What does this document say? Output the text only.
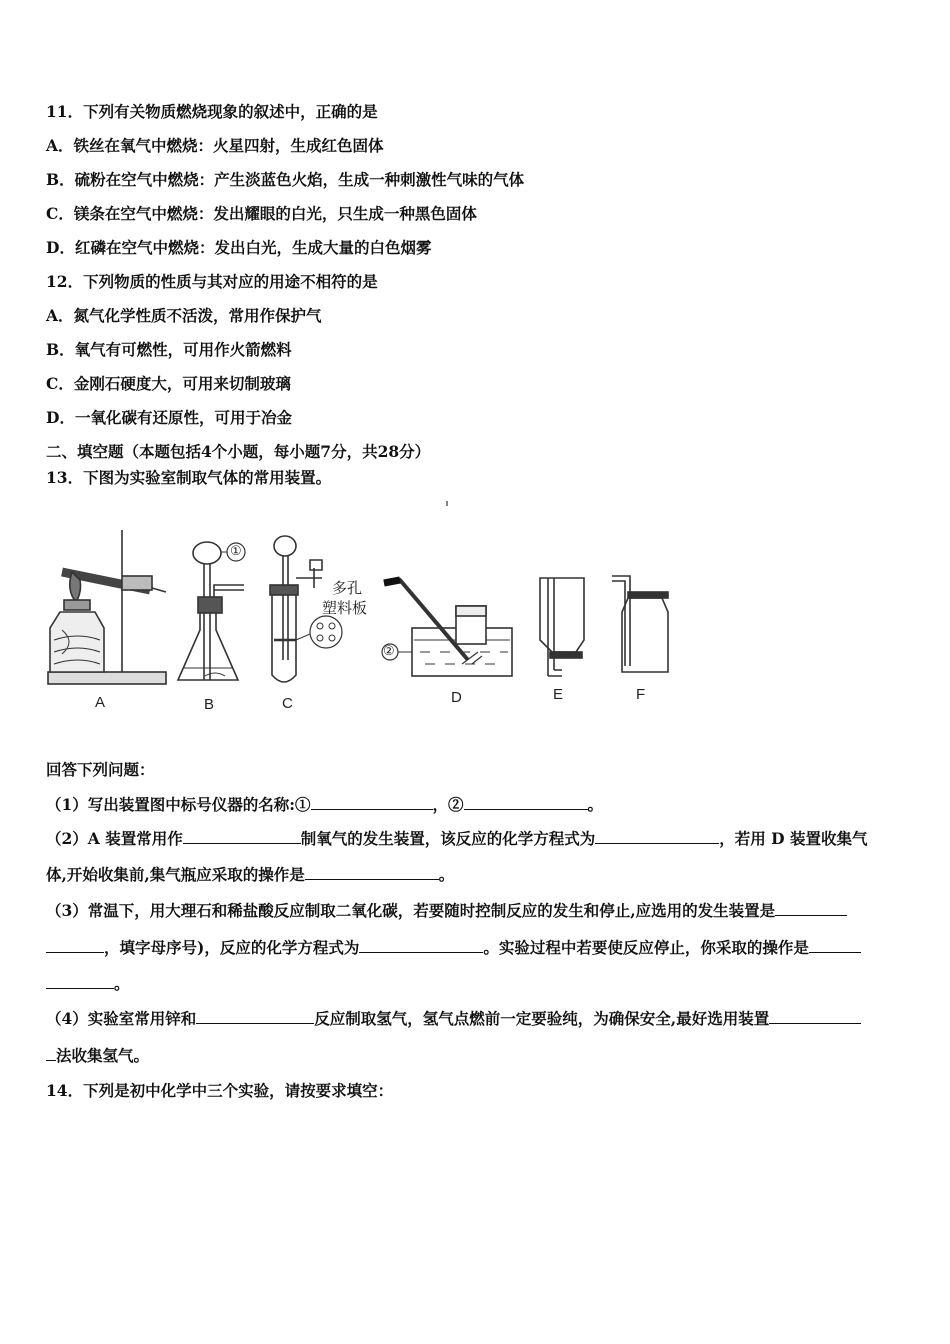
11．下列有关物质燃烧现象的叙述中，正确的是
A．铁丝在氧气中燃烧：火星四射，生成红色固体
B．硫粉在空气中燃烧：产生淡蓝色火焰，生成一种刺激性气味的气体
C．镁条在空气中燃烧：发出耀眼的白光，只生成一种黑色固体
D．红磷在空气中燃烧：发出白光，生成大量的白色烟雾
12．下列物质的性质与其对应的用途不相符的是
A．氮气化学性质不活泼，常用作保护气
B．氧气有可燃性，可用作火箭燃料
C．金刚石硬度大，可用来切制玻璃
D．一氧化碳有还原性，可用于冶金
二、填空题（本题包括4个小题，每小题7分，共28分）
13．下图为实验室制取气体的常用装置。
①
②
多孔
塑料板
A	B	C	D	E	F
回答下列问题：
（1）写出装置图中标号仪器的名称:①	，②	。
（2）A 装置常用作	制氧气的发生装置，该反应的化学方程式为	，若用 D 装置收集气
体,开始收集前,集气瓶应采取的操作是	。
（3）常温下，用大理石和稀盐酸反应制取二氧化碳，若要随时控制反应的发生和停止,应选用的发生装置是
，填字母序号)，反应的化学方程式为	。实验过程中若要使反应停止，你采取的操作是
。
（4）实验室常用锌和	反应制取氢气，氢气点燃前一定要验纯，为确保安全,最好选用装置
法收集氢气。
14．下列是初中化学中三个实验，请按要求填空：
